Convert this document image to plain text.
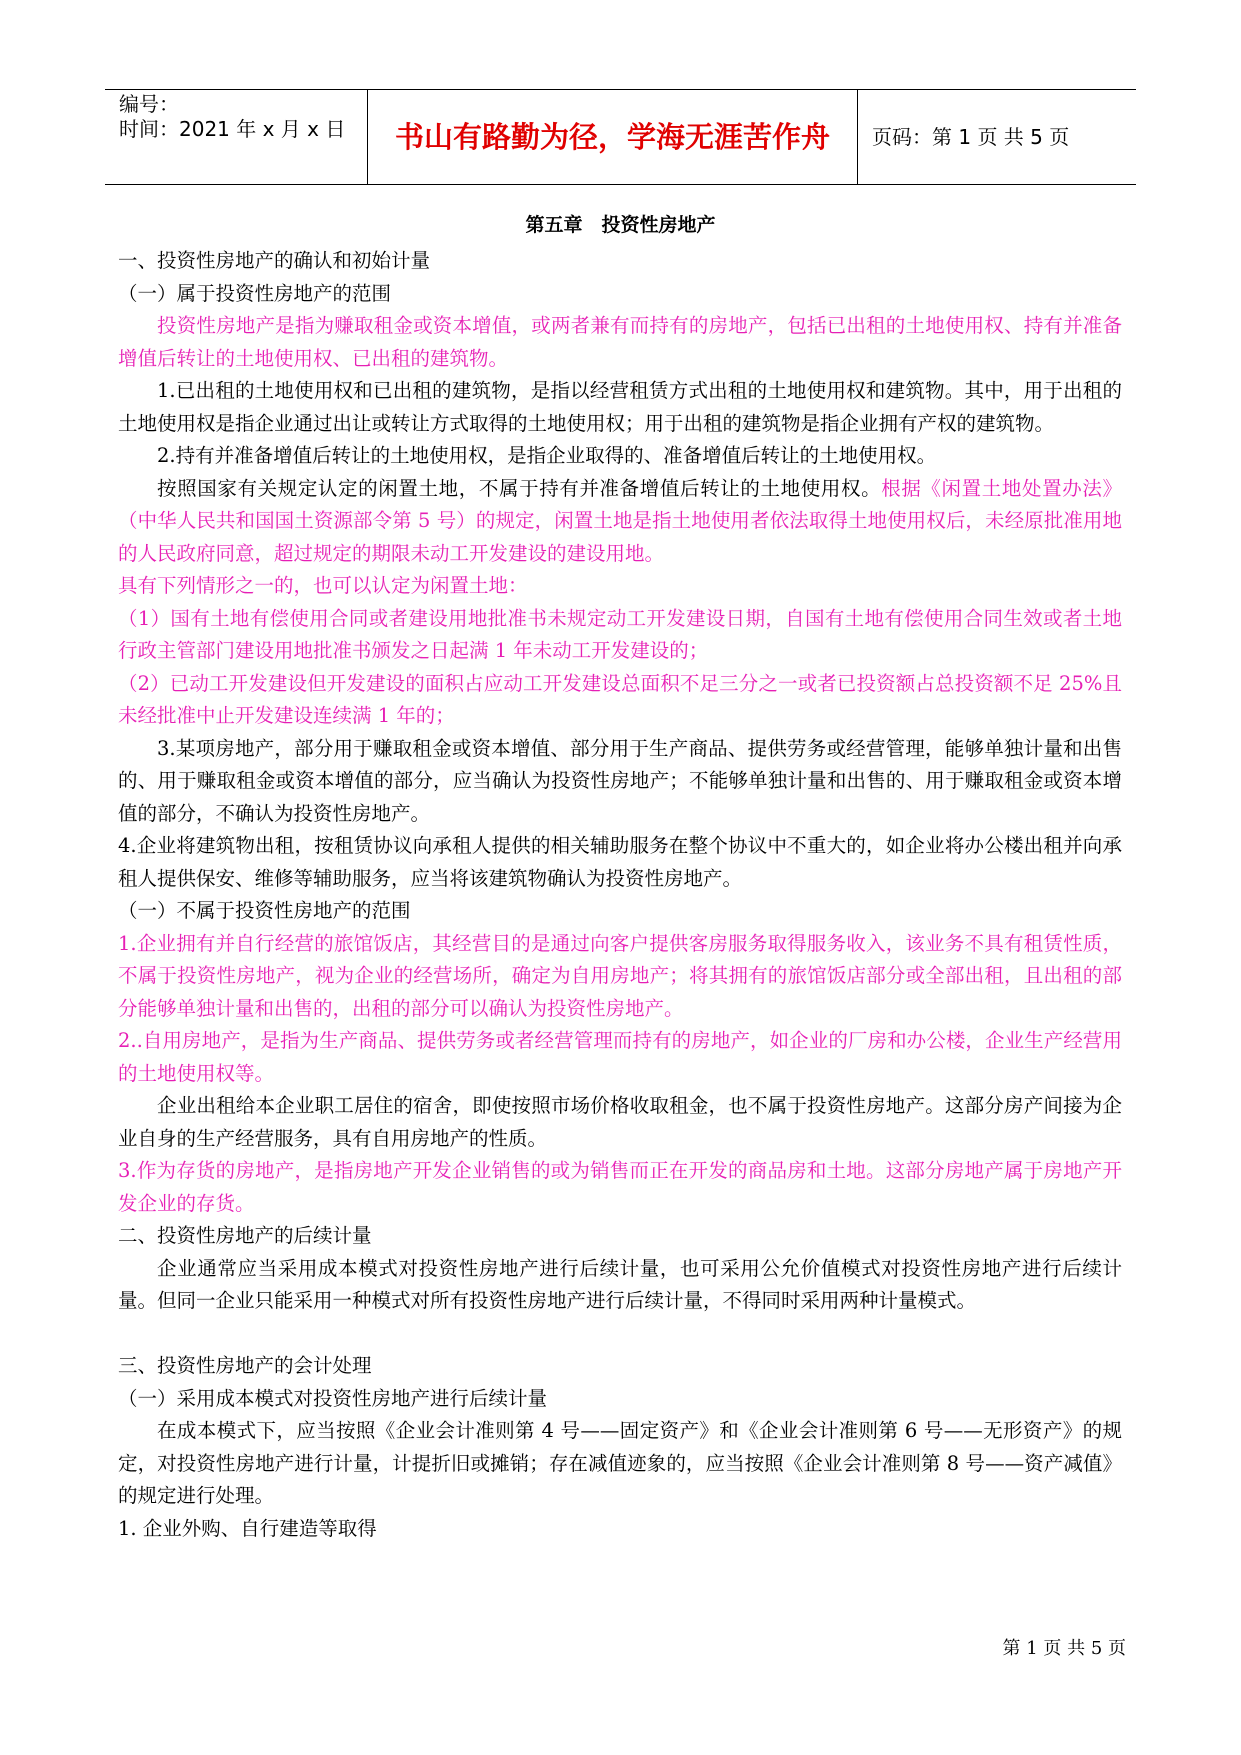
编号：
时间：2021 年 x 月 x 日	书山有路勤为径，学海无涯苦作舟	页码：第 1 页 共 5 页
第五章　投资性房地产

一、投资性房地产的确认和初始计量

（一）属于投资性房地产的范围

投资性房地产是指为赚取租金或资本增值，或两者兼有而持有的房地产，包括已出租的土地使用权、持有并准备增值后转让的土地使用权、已出租的建筑物。

1.已出租的土地使用权和已出租的建筑物，是指以经营租赁方式出租的土地使用权和建筑物。其中，用于出租的土地使用权是指企业通过出让或转让方式取得的土地使用权；用于出租的建筑物是指企业拥有产权的建筑物。

2.持有并准备增值后转让的土地使用权，是指企业取得的、准备增值后转让的土地使用权。

按照国家有关规定认定的闲置土地，不属于持有并准备增值后转让的土地使用权。根据《闲置土地处置办法》（中华人民共和国国土资源部令第 5 号）的规定，闲置土地是指土地使用者依法取得土地使用权后，未经原批准用地的人民政府同意，超过规定的期限未动工开发建设的建设用地。

具有下列情形之一的，也可以认定为闲置土地：

（1）国有土地有偿使用合同或者建设用地批准书未规定动工开发建设日期，自国有土地有偿使用合同生效或者土地行政主管部门建设用地批准书颁发之日起满 1 年未动工开发建设的；

（2）已动工开发建设但开发建设的面积占应动工开发建设总面积不足三分之一或者已投资额占总投资额不足 25%且未经批准中止开发建设连续满 1 年的；

3.某项房地产，部分用于赚取租金或资本增值、部分用于生产商品、提供劳务或经营管理，能够单独计量和出售的、用于赚取租金或资本增值的部分，应当确认为投资性房地产；不能够单独计量和出售的、用于赚取租金或资本增值的部分，不确认为投资性房地产。

4.企业将建筑物出租，按租赁协议向承租人提供的相关辅助服务在整个协议中不重大的，如企业将办公楼出租并向承租人提供保安、维修等辅助服务，应当将该建筑物确认为投资性房地产。

（一）不属于投资性房地产的范围

1.企业拥有并自行经营的旅馆饭店，其经营目的是通过向客户提供客房服务取得服务收入，该业务不具有租赁性质，不属于投资性房地产，视为企业的经营场所，确定为自用房地产；将其拥有的旅馆饭店部分或全部出租，且出租的部分能够单独计量和出售的，出租的部分可以确认为投资性房地产。

2..自用房地产，是指为生产商品、提供劳务或者经营管理而持有的房地产，如企业的厂房和办公楼，企业生产经营用的土地使用权等。

企业出租给本企业职工居住的宿舍，即使按照市场价格收取租金，也不属于投资性房地产。这部分房产间接为企业自身的生产经营服务，具有自用房地产的性质。

3.作为存货的房地产，是指房地产开发企业销售的或为销售而正在开发的商品房和土地。这部分房地产属于房地产开发企业的存货。

二、投资性房地产的后续计量

企业通常应当采用成本模式对投资性房地产进行后续计量，也可采用公允价值模式对投资性房地产进行后续计量。但同一企业只能采用一种模式对所有投资性房地产进行后续计量，不得同时采用两种计量模式。

三、投资性房地产的会计处理

（一）采用成本模式对投资性房地产进行后续计量

在成本模式下，应当按照《企业会计准则第 4 号——固定资产》和《企业会计准则第 6 号——无形资产》的规定，对投资性房地产进行计量，计提折旧或摊销；存在减值迹象的，应当按照《企业会计准则第 8 号——资产减值》的规定进行处理。

1. 企业外购、自行建造等取得

第 1 页 共 5 页
